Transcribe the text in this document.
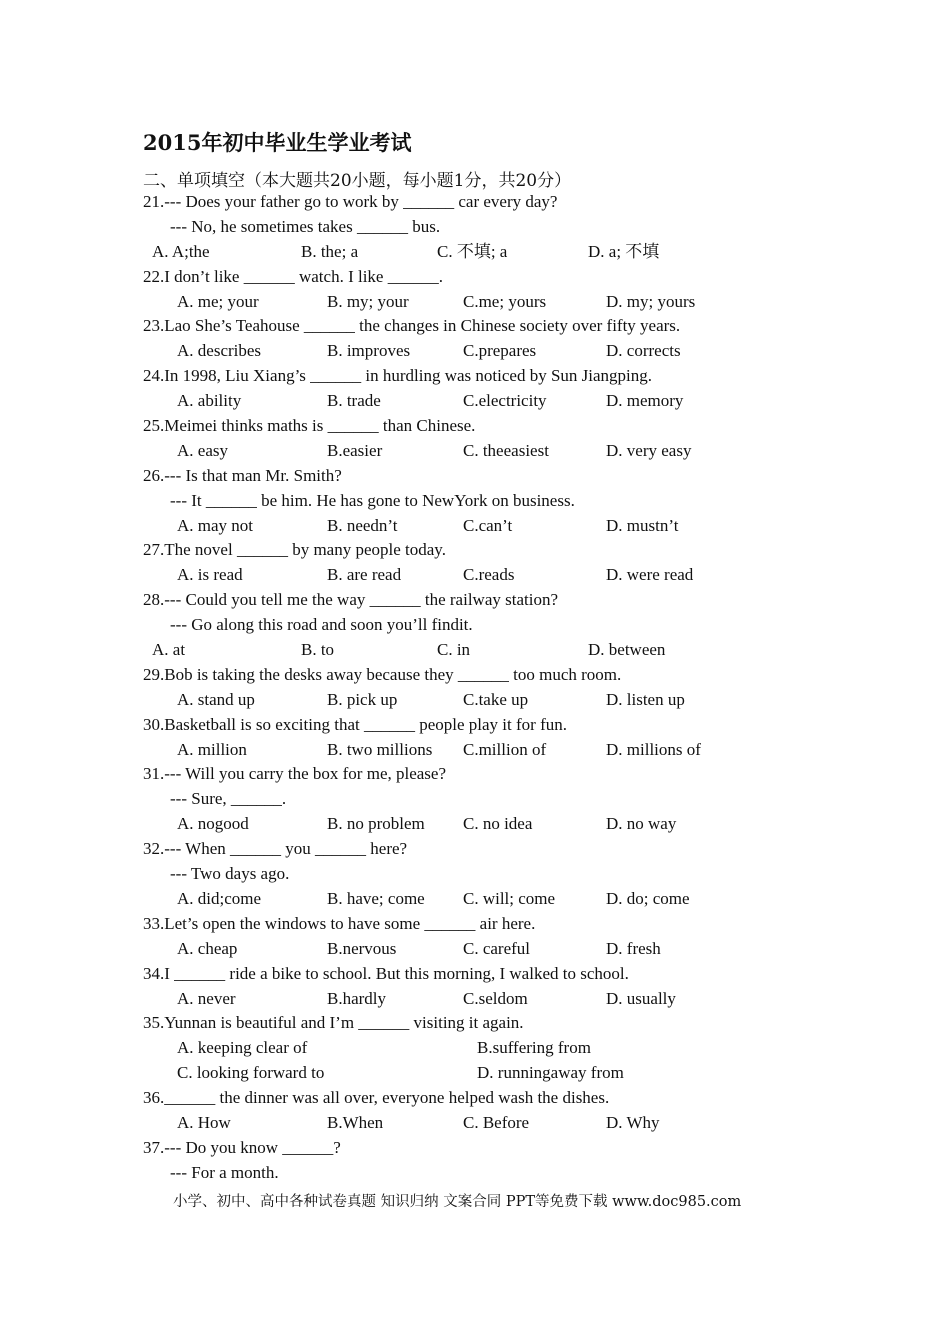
2015年初中毕业生学业考试
二、单项填空（本大题共20小题，每小题1分，共20分）
21.--- Does your father go to work by ______ car every day?
--- No, he sometimes takes ______ bus.
A. A;the	B. the; a	C. 不填; a	D. a; 不填
22.I don’t like ______ watch. I like ______.
A. me; your	B. my; your	C.me; yours	D. my; yours
23.Lao She’s Teahouse ______ the changes in Chinese society over fifty years.
A. describes	B. improves	C.prepares	D. corrects
24.In 1998, Liu Xiang’s ______ in hurdling was noticed by Sun Jiangping.
A. ability	B. trade	C.electricity	D. memory
25.Meimei thinks maths is ______ than Chinese.
A. easy	B.easier	C. theeasiest	D. very easy
26.--- Is that man Mr. Smith?
--- It ______ be him. He has gone to NewYork on business.
A. may not	B. needn’t	C.can’t	D. mustn’t
27.The novel ______ by many people today.
A. is read	B. are read	C.reads	D. were read
28.--- Could you tell me the way ______ the railway station?
--- Go along this road and soon you’ll findit.
A. at	B. to	C. in	D. between
29.Bob is taking the desks away because they ______ too much room.
A. stand up	B. pick up	C.take up	D. listen up
30.Basketball is so exciting that ______ people play it for fun.
A. million	B. two millions C.million of	D. millions of
31.--- Will you carry the box for me, please?
--- Sure, ______.
A. nogood	B. no problem C. no idea	D. no way
32.--- When ______ you ______ here?
--- Two days ago.
A. did;come	B. have; come C. will; come	D. do; come
33.Let’s open the windows to have some ______ air here.
A. cheap	B.nervous	C. careful	D. fresh
34.I ______ ride a bike to school. But this morning, I walked to school.
A. never	B.hardly	C.seldom	D. usually
35.Yunnan is beautiful and I’m ______ visiting it again.
A. keeping clear of	B.suffering from
C. looking forward to	D. runningaway from
36.______ the dinner was all over, everyone helped wash the dishes.
A. How	B.When	C. Before	D. Why
37.--- Do you know ______?
--- For a month.
小学、初中、高中各种试卷真题 知识归纳 文案合同 PPT等免费下载 www.doc985.com
